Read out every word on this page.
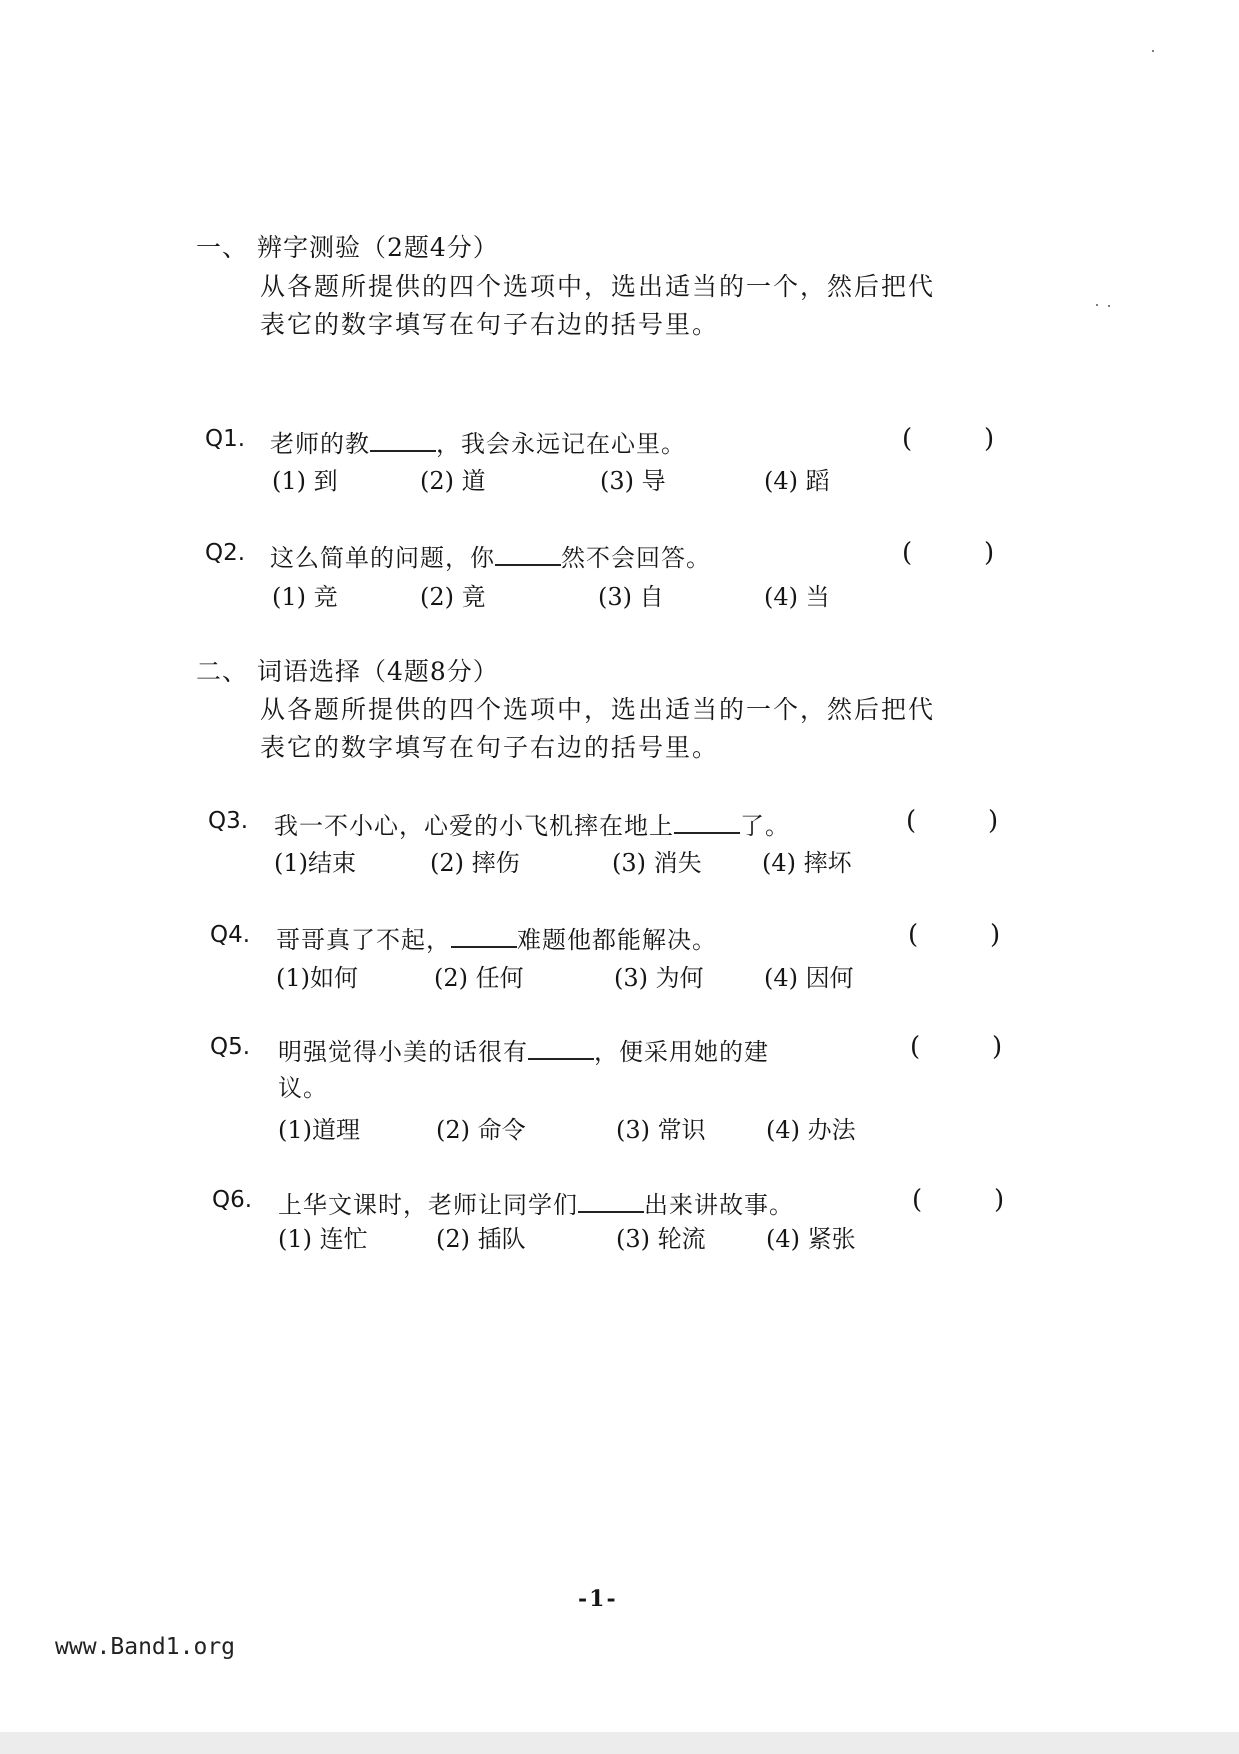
一、 辨字测验（2题4分）
从各题所提供的四个选项中，选出适当的一个，然后把代
表它的数字填写在句子右边的括号里。
Q1. 老师的教	，我会永远记在心里。	(	)
(1) 到	(2) 道	(3) 导	(4) 蹈
Q2. 这么简单的问题，你	然不会回答。	(	)
(1) 竞	(2) 竟	(3) 自	(4) 当
二、 词语选择（4题8分）
从各题所提供的四个选项中，选出适当的一个，然后把代
表它的数字填写在句子右边的括号里。
Q3. 我一不小心，心爱的小飞机摔在地上	了。	(	)
(1)结束	(2) 摔伤	(3) 消失	(4) 摔坏
Q4. 哥哥真了不起，	难题他都能解决。	(	)
(1)如何	(2) 任何	(3) 为何	(4) 因何
Q5. 明强觉得小美的话很有	，便采用她的建
议。
(	)
(1)道理	(2) 命令	(3) 常识	(4) 办法
Q6. 上华文课时，老师让同学们	出来讲故事。	(	)
(1) 连忙	(2) 插队	(3) 轮流	(4) 紧张
-1-
www.Band1.org
